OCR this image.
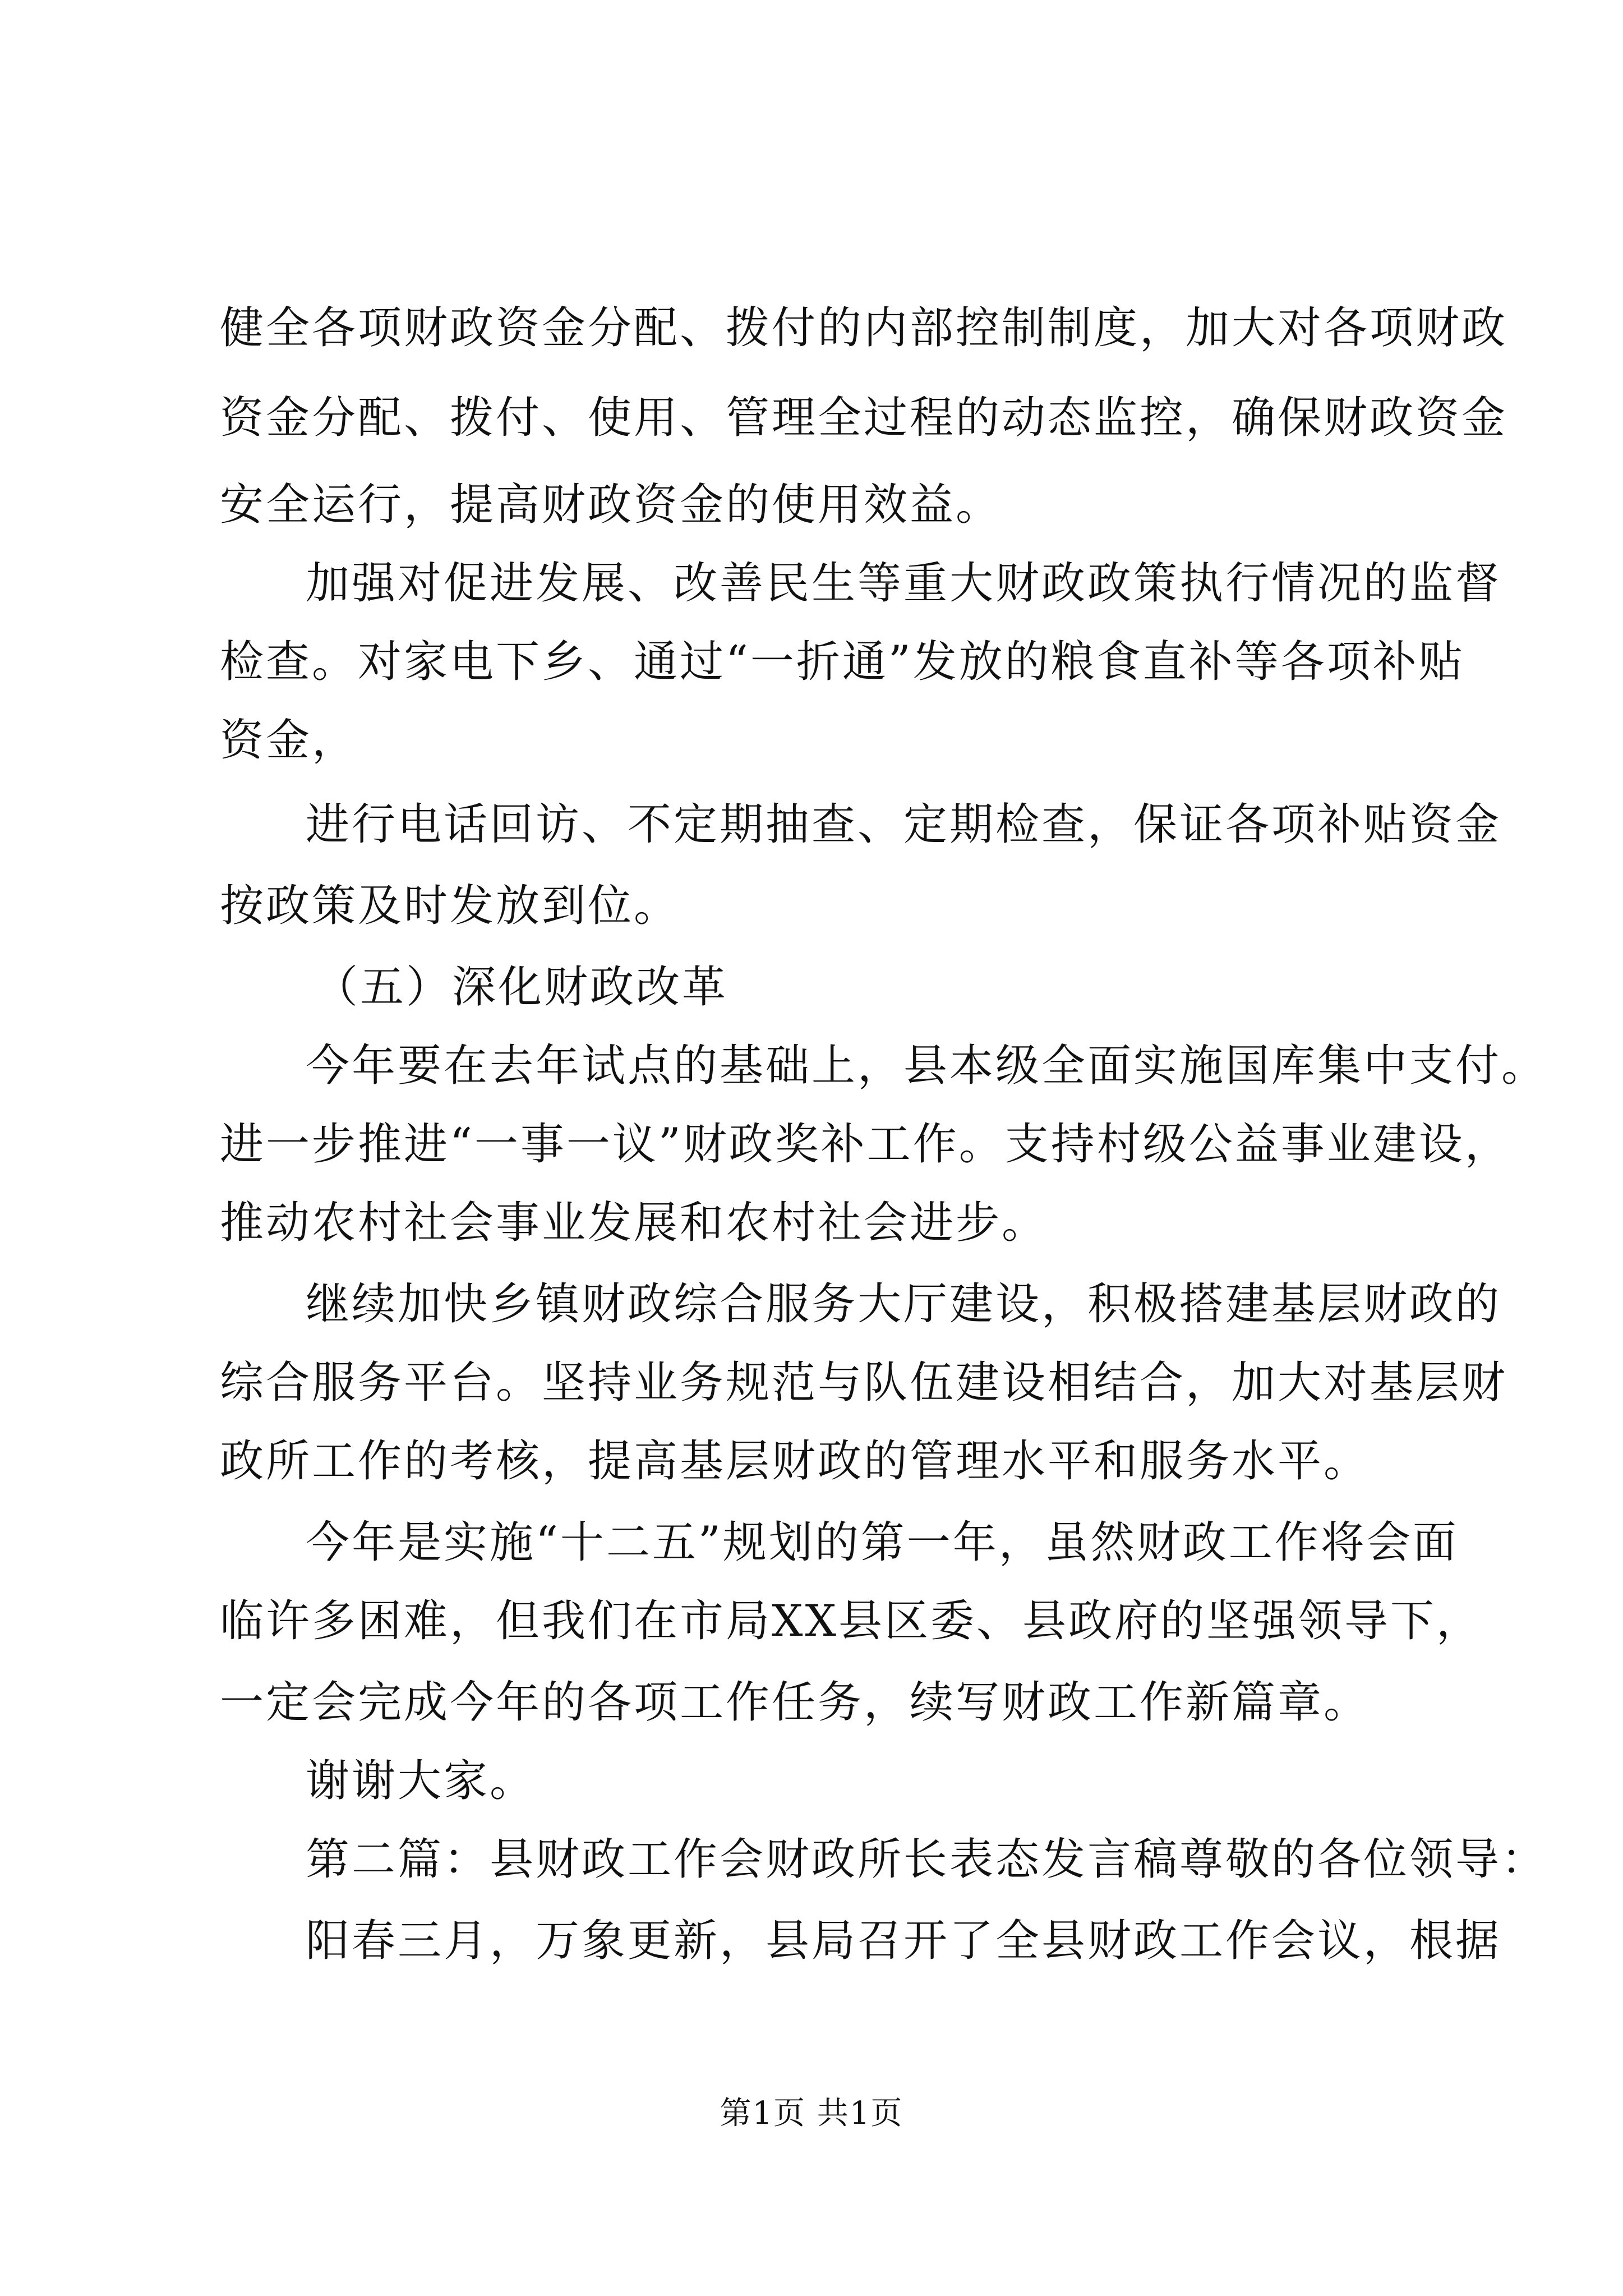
健全各项财政资金分配、拨付的内部控制制度，加大对各项财政
资金分配、拨付、使用、管理全过程的动态监控，确保财政资金
安全运行，提高财政资金的使用效益。
加强对促进发展、改善民生等重大财政政策执行情况的监督
检查。对家电下乡、通过“一折通”发放的粮食直补等各项补贴
资金，
进行电话回访、不定期抽查、定期检查，保证各项补贴资金
按政策及时发放到位。
（五）深化财政改革
今年要在去年试点的基础上，县本级全面实施国库集中支付。
进一步推进“一事一议”财政奖补工作。支持村级公益事业建设，
推动农村社会事业发展和农村社会进步。
继续加快乡镇财政综合服务大厅建设，积极搭建基层财政的
综合服务平台。坚持业务规范与队伍建设相结合，加大对基层财
政所工作的考核，提高基层财政的管理水平和服务水平。
今年是实施“十二五”规划的第一年，虽然财政工作将会面
临许多困难，但我们在市局XX县区委、县政府的坚强领导下，
一定会完成今年的各项工作任务，续写财政工作新篇章。
谢谢大家。
第二篇：县财政工作会财政所长表态发言稿尊敬的各位领导：
阳春三月，万象更新，县局召开了全县财政工作会议，根据
第1页 共1页
